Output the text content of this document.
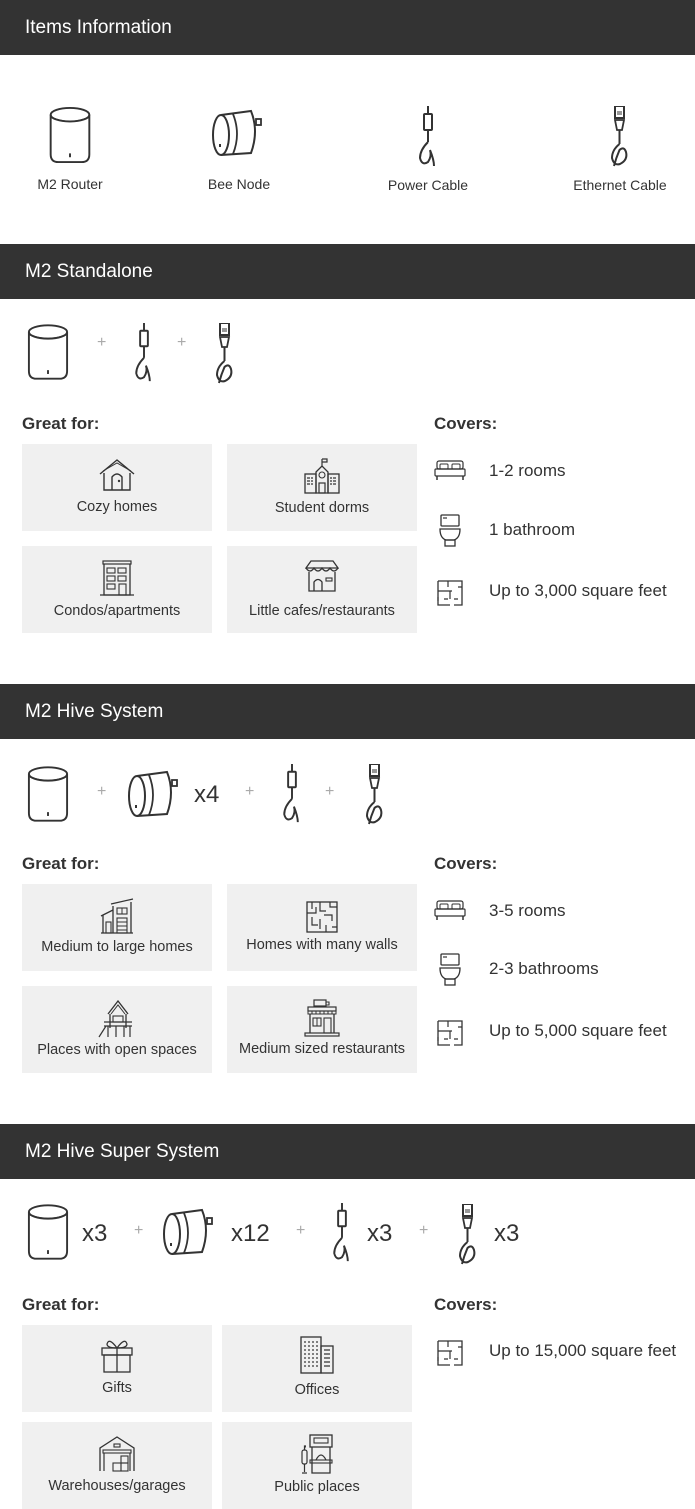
Items Information
M2 Router	Bee Node	Power Cable	Ethernet Cable
M2 Standalone
+	+
Great for:	Covers:
Cozy homes	Student dorms
Condos/apartments	Little cafes/restaurants
1-2 rooms
1 bathroom
Up to 3,000 square feet
M2 Hive System
+	x4 +	+
Great for:	Covers:
Medium to large homes	Homes with many walls
Places with open spaces	Medium sized restaurants
3-5 rooms
2-3 bathrooms
Up to 5,000 square feet
M2 Hive Super System
x3 +	x12 +	x3 +	x3
Great for:	Covers:
Gifts	Offices
Warehouses/garages	Public places
Up to 15,000 square feet
